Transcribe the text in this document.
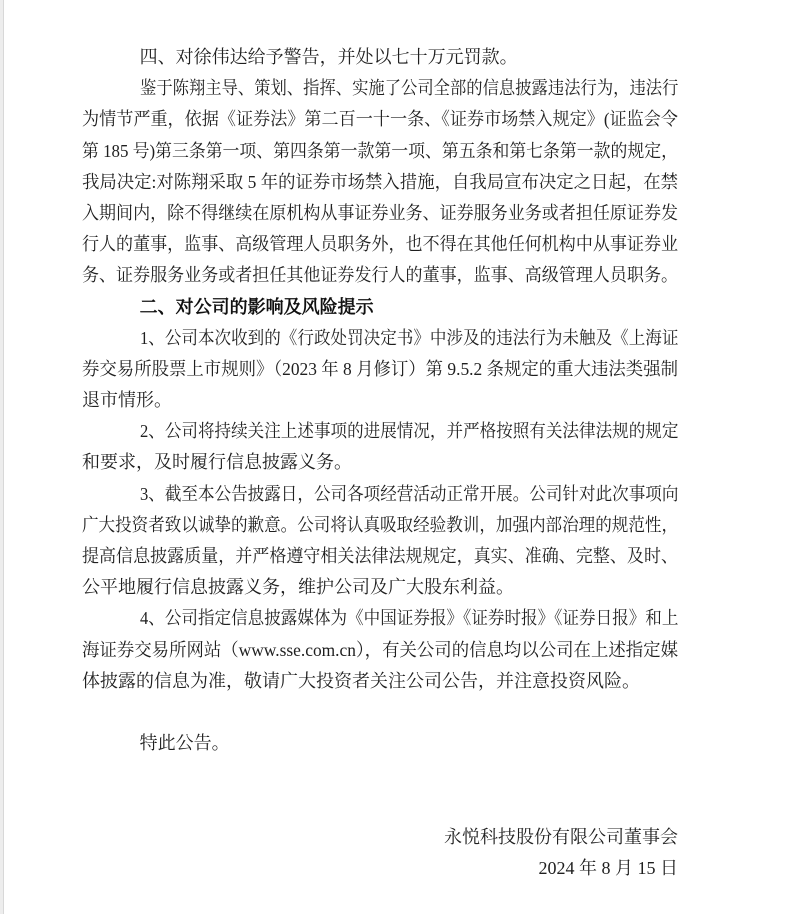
四、对徐伟达给予警告，并处以七十万元罚款。
鉴于陈翔主导、策划、指挥、实施了公司全部的信息披露违法行为，违法行
为情节严重，依据《证券法》第二百一十一条、《证券市场禁入规定》(证监会令
第 185 号)第三条第一项、第四条第一款第一项、第五条和第七条第一款的规定，
我局决定:对陈翔采取 5 年的证券市场禁入措施，自我局宣布决定之日起，在禁
入期间内，除不得继续在原机构从事证券业务、证券服务业务或者担任原证券发
行人的董事，监事、高级管理人员职务外，也不得在其他任何机构中从事证券业
务、证券服务业务或者担任其他证券发行人的董事，监事、高级管理人员职务。
二、对公司的影响及风险提示
1、公司本次收到的《行政处罚决定书》中涉及的违法行为未触及《上海证
券交易所股票上市规则》（2023 年 8 月修订）第 9.5.2 条规定的重大违法类强制
退市情形。
2、公司将持续关注上述事项的进展情况，并严格按照有关法律法规的规定
和要求，及时履行信息披露义务。
3、截至本公告披露日，公司各项经营活动正常开展。公司针对此次事项向
广大投资者致以诚挚的歉意。公司将认真吸取经验教训，加强内部治理的规范性，
提高信息披露质量，并严格遵守相关法律法规规定，真实、准确、完整、及时、
公平地履行信息披露义务，维护公司及广大股东利益。
4、公司指定信息披露媒体为《中国证券报》《证券时报》《证券日报》和上
海证券交易所网站（www.sse.com.cn），有关公司的信息均以公司在上述指定媒
体披露的信息为准，敬请广大投资者关注公司公告，并注意投资风险。
特此公告。
永悦科技股份有限公司董事会
2024 年 8 月 15 日
